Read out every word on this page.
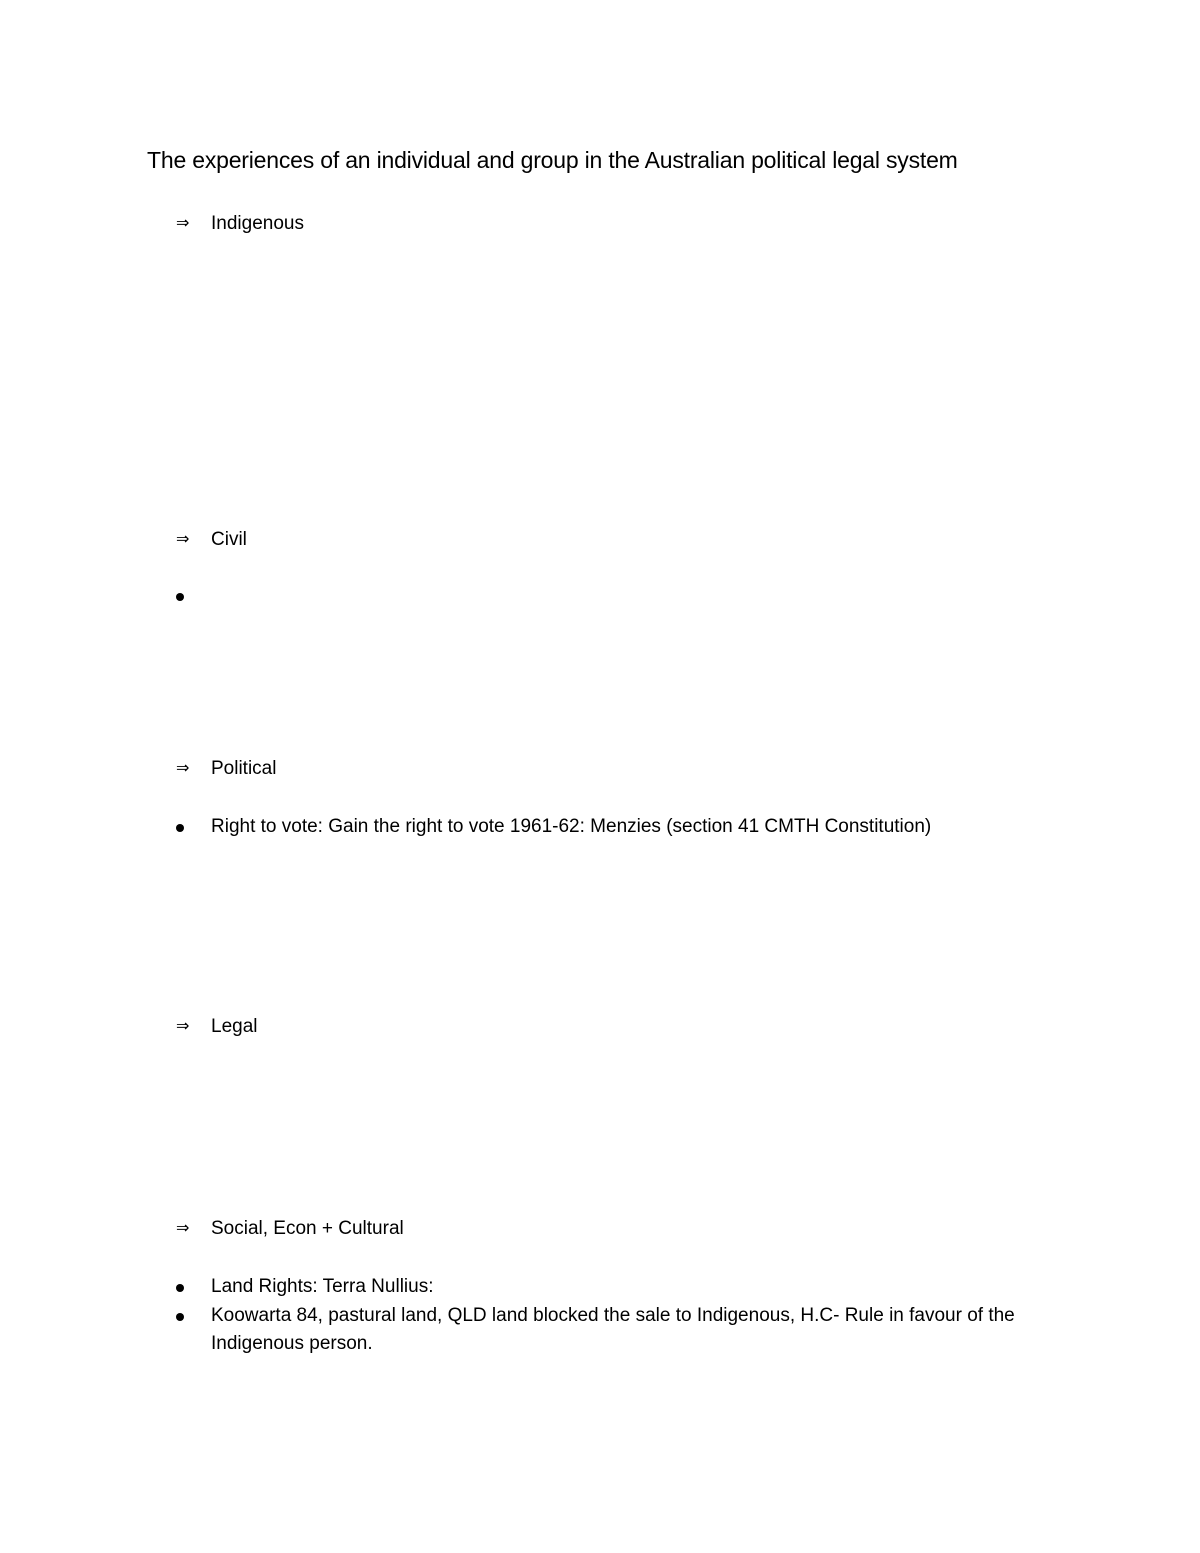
The experiences of an individual and group in the Australian political legal system
⇒	Indigenous
⇒	Civil
⇒	Political
Right to vote: Gain the right to vote 1961-62: Menzies (section 41 CMTH Constitution)
⇒	Legal
⇒	Social, Econ + Cultural
Land Rights: Terra Nullius:
Koowarta 84, pastural land, QLD land blocked the sale to Indigenous, H.C- Rule in favour of the Indigenous person.
